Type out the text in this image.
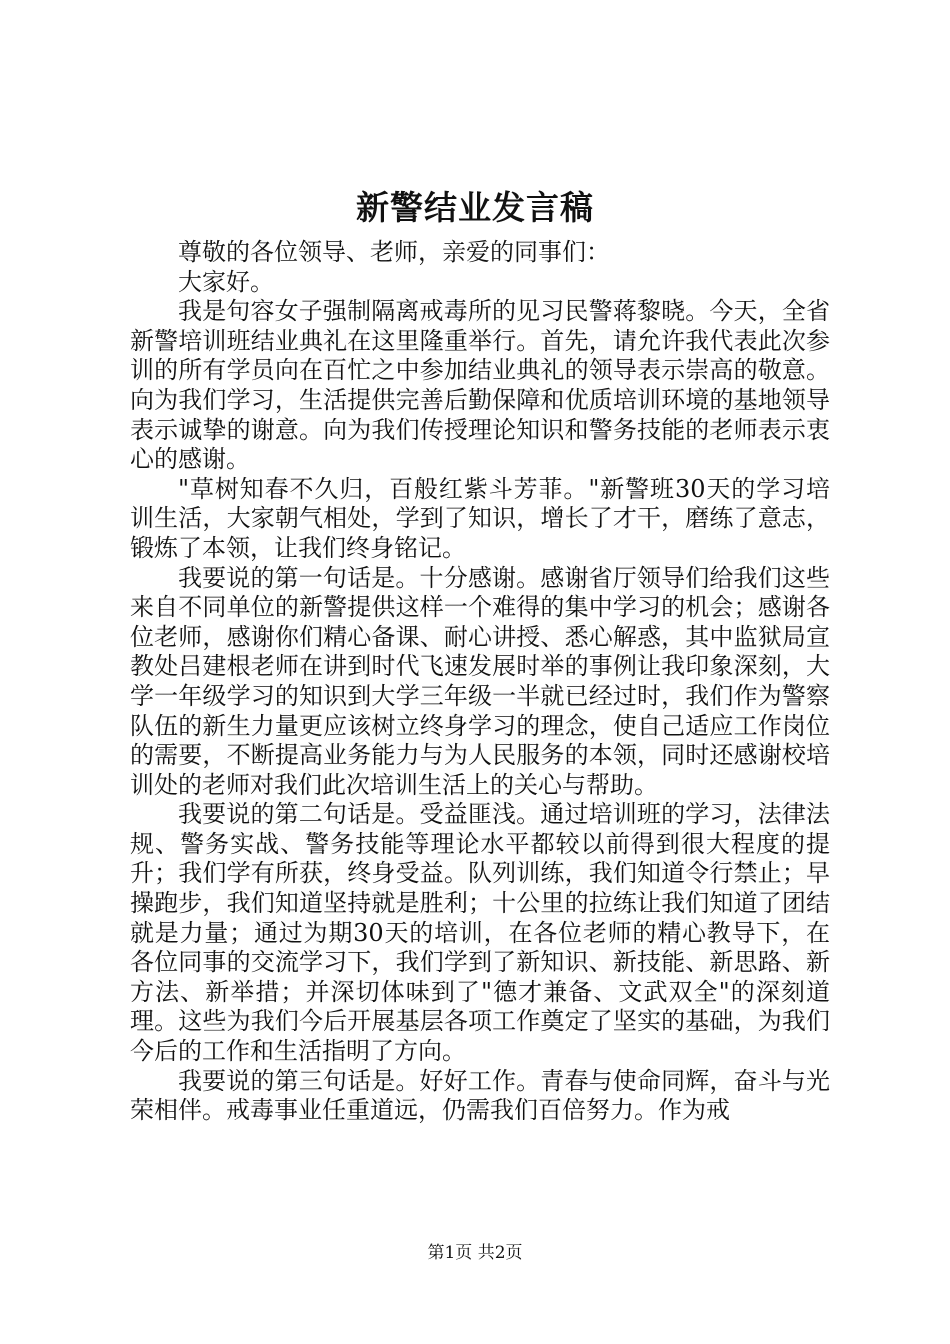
新警结业发言稿

尊敬的各位领导、老师，亲爱的同事们：

大家好。

我是句容女子强制隔离戒毒所的见习民警蒋黎晓。今天，全省新警培训班结业典礼在这里隆重举行。首先，请允许我代表此次参训的所有学员向在百忙之中参加结业典礼的领导表示崇高的敬意。向为我们学习，生活提供完善后勤保障和优质培训环境的基地领导表示诚挚的谢意。向为我们传授理论知识和警务技能的老师表示衷心的感谢。

"草树知春不久归，百般红紫斗芳菲。"新警班30天的学习培训生活，大家朝气相处，学到了知识，增长了才干，磨练了意志，锻炼了本领，让我们终身铭记。

我要说的第一句话是。十分感谢。感谢省厅领导们给我们这些来自不同单位的新警提供这样一个难得的集中学习的机会；感谢各位老师，感谢你们精心备课、耐心讲授、悉心解惑，其中监狱局宣教处吕建根老师在讲到时代飞速发展时举的事例让我印象深刻，大学一年级学习的知识到大学三年级一半就已经过时，我们作为警察队伍的新生力量更应该树立终身学习的理念，使自己适应工作岗位的需要，不断提高业务能力与为人民服务的本领，同时还感谢校培训处的老师对我们此次培训生活上的关心与帮助。

我要说的第二句话是。受益匪浅。通过培训班的学习，法律法规、警务实战、警务技能等理论水平都较以前得到很大程度的提升；我们学有所获，终身受益。队列训练，我们知道令行禁止；早操跑步，我们知道坚持就是胜利；十公里的拉练让我们知道了团结就是力量；通过为期30天的培训，在各位老师的精心教导下，在各位同事的交流学习下，我们学到了新知识、新技能、新思路、新方法、新举措；并深切体味到了"德才兼备、文武双全"的深刻道理。这些为我们今后开展基层各项工作奠定了坚实的基础，为我们今后的工作和生活指明了方向。

我要说的第三句话是。好好工作。青春与使命同辉，奋斗与光荣相伴。戒毒事业任重道远，仍需我们百倍努力。作为戒

第1页 共2页
